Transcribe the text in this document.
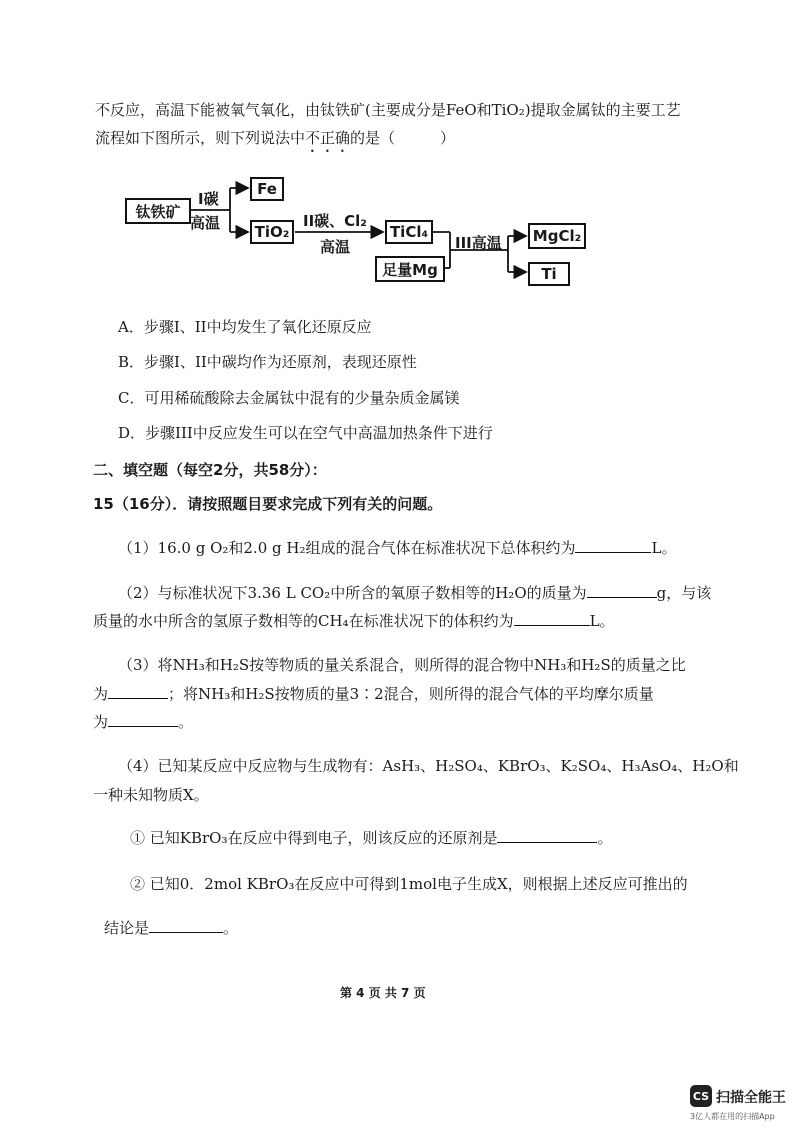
不反应，高温下能被氧气氧化，由钛铁矿(主要成分是FeO和TiO₂)提取金属钛的主要工艺
流程如下图所示，则下列说法中不正确的是（　　　）
钛铁矿
I碳
高温
Fe
TiO₂
II碳、Cl₂
高温
TiCl₄
足量Mg
III高温	MgCl₂
Ti
A．步骤I、II中均发生了氧化还原反应
B．步骤I、II中碳均作为还原剂，表现还原性
C．可用稀硫酸除去金属钛中混有的少量杂质金属镁
D．步骤III中反应发生可以在空气中高温加热条件下进行
二、填空题（每空2分，共58分）：
15（16分）．请按照题目要求完成下列有关的问题。
（1）16.0 g O₂和2.0 g H₂组成的混合气体在标准状况下总体积约为	L。
（2）与标准状况下3.36 L CO₂中所含的氧原子数相等的H₂O的质量为	g，与该
质量的水中所含的氢原子数相等的CH₄在标准状况下的体积约为	L。
（3）将NH₃和H₂S按等物质的量关系混合，则所得的混合物中NH₃和H₂S的质量之比
为	；将NH₃和H₂S按物质的量3∶2混合，则所得的混合气体的平均摩尔质量
为	。
（4）已知某反应中反应物与生成物有：AsH₃、H₂SO₄、KBrO₃、K₂SO₄、H₃AsO₄、H₂O和
一种未知物质X。
① 已知KBrO₃在反应中得到电子，则该反应的还原剂是	。
② 已知0．2mol KBrO₃在反应中可得到1mol电子生成X，则根据上述反应可推出的
结论是	。
第 4 页 共 7 页
CS 扫描全能王
3亿人都在用的扫描App
